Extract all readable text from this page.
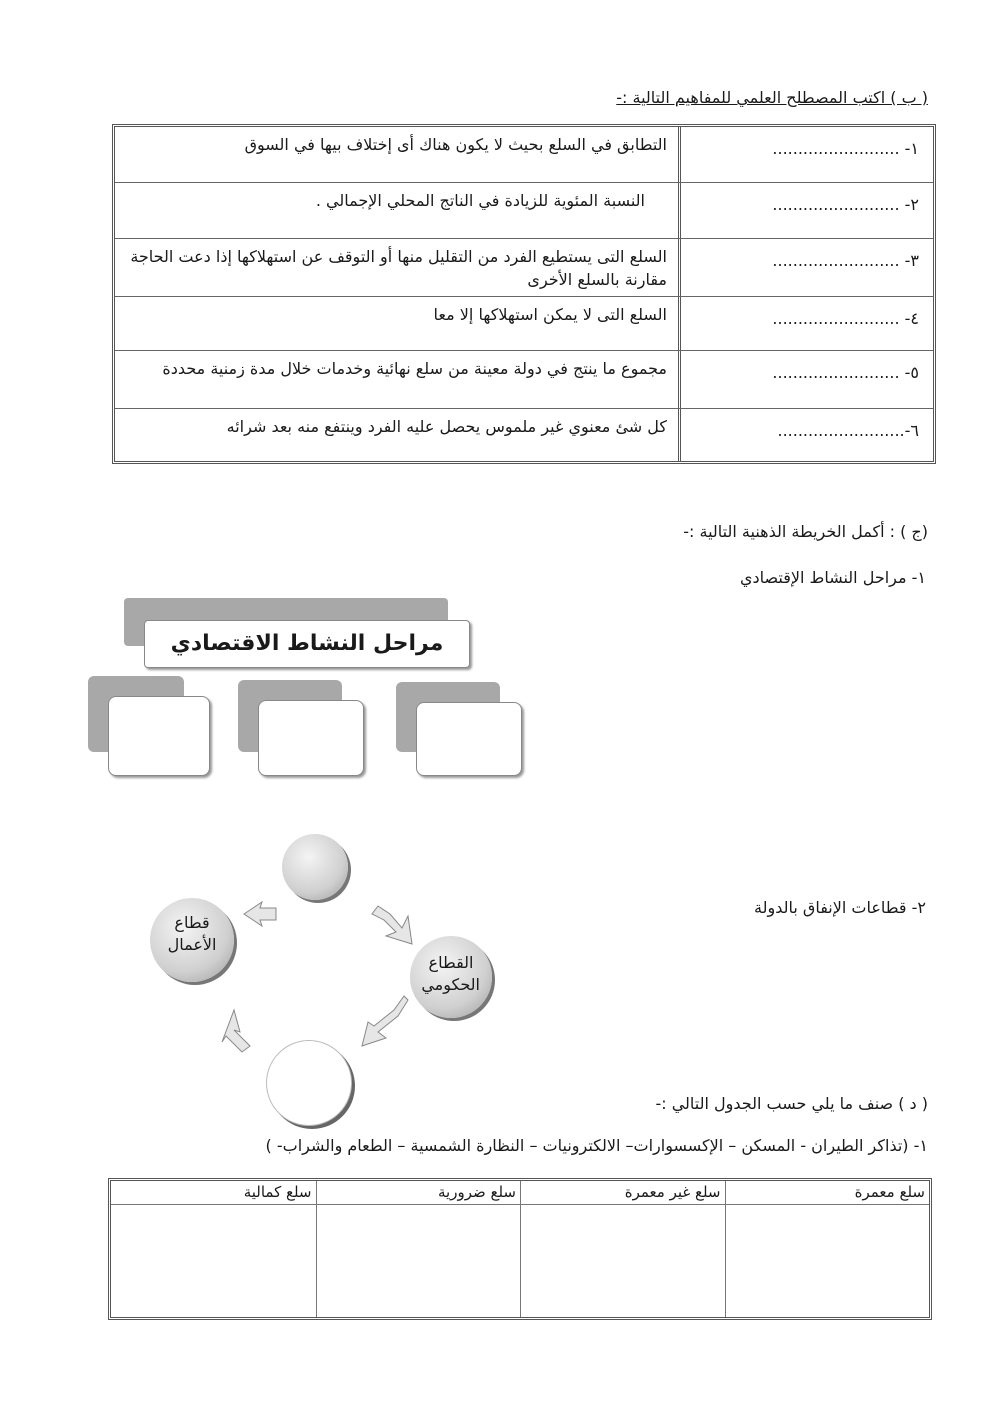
( ب ) اكتب المصطلح العلمي للمفاهيم التالية :-
١- .........................
التطابق في السلع بحيث لا يكون هناك أى إختلاف بيها في السوق
٢- .........................
النسبة المئوية للزيادة في الناتج المحلي الإجمالي .
٣- .........................
السلع التى يستطيع الفرد من التقليل منها أو التوقف عن استهلاكها إذا دعت الحاجة مقارنة بالسلع الأخرى
٤- .........................
السلع التى لا يمكن استهلاكها إلا معا
٥- .........................
مجموع ما ينتج في دولة معينة من سلع نهائية وخدمات خلال مدة زمنية محددة
٦-.........................
كل شئ معنوي غير ملموس يحصل عليه الفرد وينتفع منه بعد شرائه
(ج ) : أكمل الخريطة الذهنية التالية :-
١- مراحل النشاط الإقتصادي
مراحل النشاط الاقتصادي
٢- قطاعات الإنفاق بالدولة
قطاع الأعمال
القطاع الحكومي
( د ) صنف ما يلي حسب الجدول التالي :-
١- (تذاكر الطيران - المسكن – الإكسسوارات– الالكترونيات – النظارة الشمسية – الطعام والشراب- )
سلع معمرة
سلع غير معمرة
سلع ضرورية
سلع كمالية
